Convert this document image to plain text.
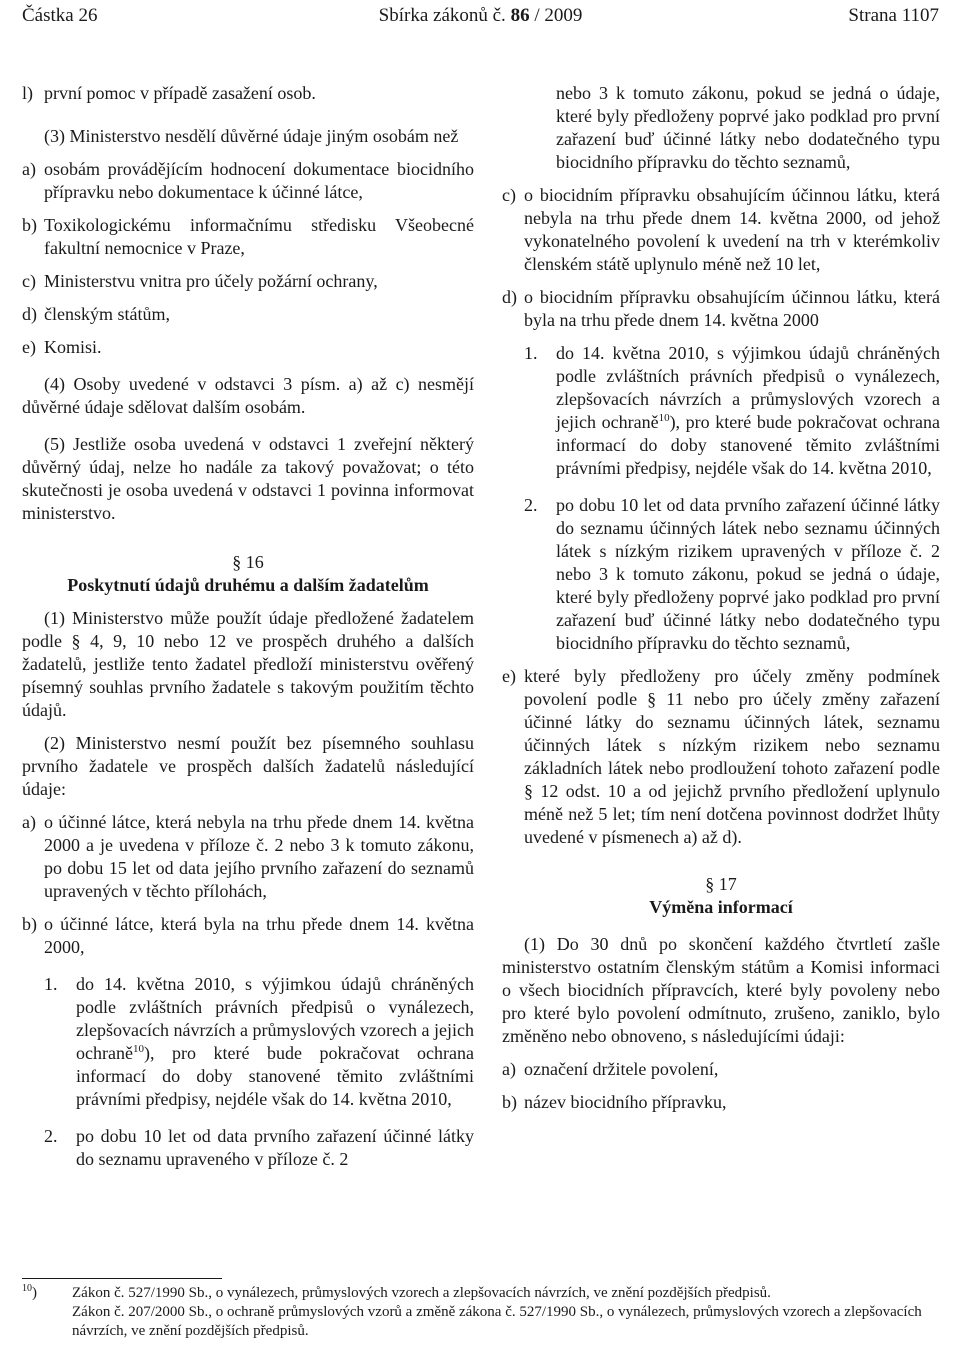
Částka 26	Sbírka zákonů č. 86 / 2009	Strana 1107
l) první pomoc v případě zasažení osob.

(3) Ministerstvo nesdělí důvěrné údaje jiným osobám než

a) osobám provádějícím hodnocení dokumentace biocidního přípravku nebo dokumentace k účinné látce,
b) Toxikologickému informačnímu středisku Všeobecné fakultní nemocnice v Praze,
c) Ministerstvu vnitra pro účely požární ochrany,
d) členským státům,
e) Komisi.

(4) Osoby uvedené v odstavci 3 písm. a) až c) nesmějí důvěrné údaje sdělovat dalším osobám.

(5) Jestliže osoba uvedená v odstavci 1 zveřejní některý důvěrný údaj, nelze ho nadále za takový považovat; o této skutečnosti je osoba uvedená v odstavci 1 povinna informovat ministerstvo.

§ 16

Poskytnutí údajů druhému a dalším žadatelům

(1) Ministerstvo může použít údaje předložené žadatelem podle § 4, 9, 10 nebo 12 ve prospěch druhého a dalších žadatelů, jestliže tento žadatel předloží ministerstvu ověřený písemný souhlas prvního žadatele s takovým použitím těchto údajů.

(2) Ministerstvo nesmí použít bez písemného souhlasu prvního žadatele ve prospěch dalších žadatelů následující údaje:

a) o účinné látce, která nebyla na trhu přede dnem 14. května 2000 a je uvedena v příloze č. 2 nebo 3 k tomuto zákonu, po dobu 15 let od data jejího prvního zařazení do seznamů upravených v těchto přílohách,
b) o účinné látce, která byla na trhu přede dnem 14. května 2000,
1.	do 14. května 2010, s výjimkou údajů chráněných podle zvláštních právních předpisů o vynálezech, zlepšovacích návrzích a průmyslových vzorech a jejich ochraně$^{10}$), pro které bude pokračovat ochrana informací do doby stanovené těmito zvláštními právními předpisy, nejdéle však do 14. května 2010,
2.	po dobu 10 let od data prvního zařazení účinné látky do seznamu upraveného v příloze č. 2
nebo 3 k tomuto zákonu, pokud se jedná o údaje, které byly předloženy poprvé jako podklad pro první zařazení buď účinné látky nebo dodatečného typu biocidního přípravku do těchto seznamů,
c) o biocidním přípravku obsahujícím účinnou látku, která nebyla na trhu přede dnem 14. května 2000, od jehož vykonatelného povolení k uvedení na trh v kterémkoliv členském státě uplynulo méně než 10 let,
d) o biocidním přípravku obsahujícím účinnou látku, která byla na trhu přede dnem 14. května 2000
1.	do 14. května 2010, s výjimkou údajů chráněných podle zvláštních právních předpisů o vynálezech, zlepšovacích návrzích a průmyslových vzorech a jejich ochraně$^{10}$), pro které bude pokračovat ochrana informací do doby stanovené těmito zvláštními právními předpisy, nejdéle však do 14. května 2010,
2.	po dobu 10 let od data prvního zařazení účinné látky do seznamu účinných látek nebo seznamu účinných látek s nízkým rizikem upravených v příloze č. 2 nebo 3 k tomuto zákonu, pokud se jedná o údaje, které byly předloženy poprvé jako podklad pro první zařazení buď účinné látky nebo dodatečného typu biocidního přípravku do těchto seznamů,
e) které byly předloženy pro účely změny podmínek povolení podle § 11 nebo pro účely změny zařazení účinné látky do seznamu účinných látek, seznamu účinných látek s nízkým rizikem nebo seznamu základních látek nebo prodloužení tohoto zařazení podle § 12 odst. 10 a od jejichž prvního předložení uplynulo méně než 5 let; tím není dotčena povinnost dodržet lhůty uvedené v písmenech a) až d).

§ 17

Výměna informací

(1) Do 30 dnů po skončení každého čtvrtletí zašle ministerstvo ostatním členským státům a Komisi informaci o všech biocidních přípravcích, které byly povoleny nebo pro které bylo povolení odmítnuto, zrušeno, zaniklo, bylo změněno nebo obnoveno, s následujícími údaji:

a) označení držitele povolení,
b) název biocidního přípravku,
$^{10}$)	Zákon č. 527/1990 Sb., o vynálezech, průmyslových vzorech a zlepšovacích návrzích, ve znění pozdějších předpisů.
Zákon č. 207/2000 Sb., o ochraně průmyslových vzorů a změně zákona č. 527/1990 Sb., o vynálezech, průmyslových vzorech a zlepšovacích návrzích, ve znění pozdějších předpisů.
